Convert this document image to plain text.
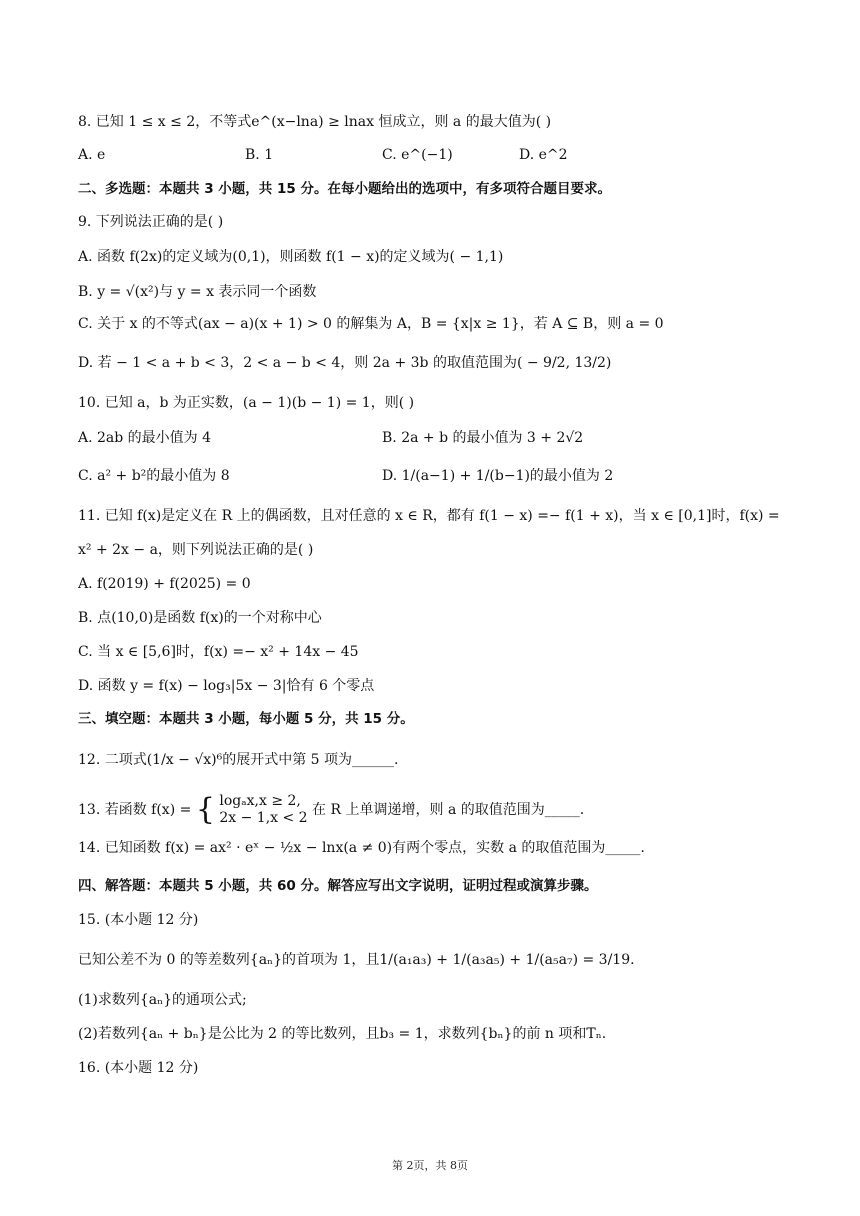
8. 已知 1 ≤ x ≤ 2，不等式e^(x−lna) ≥ lnax 恒成立，则 a 的最大值为( )
A. e	B. 1	C. e^(−1)	D. e^2
二、多选题：本题共 3 小题，共 15 分。在每小题给出的选项中，有多项符合题目要求。
9. 下列说法正确的是( )
A. 函数 f(2x)的定义域为(0,1)，则函数 f(1 − x)的定义域为( − 1,1)
B. y = √(x²)与 y = x 表示同一个函数
C. 关于 x 的不等式(ax − a)(x + 1) > 0 的解集为 A，B = {x|x ≥ 1}，若 A ⊆ B，则 a = 0
D. 若 − 1 < a + b < 3，2 < a − b < 4，则 2a + 3b 的取值范围为( − 9/2, 13/2)
10. 已知 a，b 为正实数，(a − 1)(b − 1) = 1，则( )
A. 2ab 的最小值为 4	B. 2a + b 的最小值为 3 + 2√2
C. a² + b²的最小值为 8	D. 1/(a−1) + 1/(b−1)的最小值为 2
11. 已知 f(x)是定义在 R 上的偶函数，且对任意的 x ∈ R，都有 f(1 − x) =− f(1 + x)，当 x ∈ [0,1]时，f(x) =
x² + 2x − a，则下列说法正确的是( )
A. f(2019) + f(2025) = 0
B. 点(10,0)是函数 f(x)的一个对称中心
C. 当 x ∈ [5,6]时，f(x) =− x² + 14x − 45
D. 函数 y = f(x) − log₃|5x − 3|恰有 6 个零点
三、填空题：本题共 3 小题，每小题 5 分，共 15 分。
12. 二项式(1/x − √x)⁶的展开式中第 5 项为______.
13. 若函数 f(x) = { logₐx,x ≥ 2,
2x − 1,x < 2 在 R 上单调递增，则 a 的取值范围为_____.
14. 已知函数 f(x) = ax² · eˣ − ½x − lnx(a ≠ 0)有两个零点，实数 a 的取值范围为_____.
四、解答题：本题共 5 小题，共 60 分。解答应写出文字说明，证明过程或演算步骤。
15. (本小题 12 分)
已知公差不为 0 的等差数列{aₙ}的首项为 1，且1/(a₁a₃) + 1/(a₃a₅) + 1/(a₅a₇) = 3/19.
(1)求数列{aₙ}的通项公式;
(2)若数列{aₙ + bₙ}是公比为 2 的等比数列，且b₃ = 1，求数列{bₙ}的前 n 项和Tₙ.
16. (本小题 12 分)
第 2页，共 8页
